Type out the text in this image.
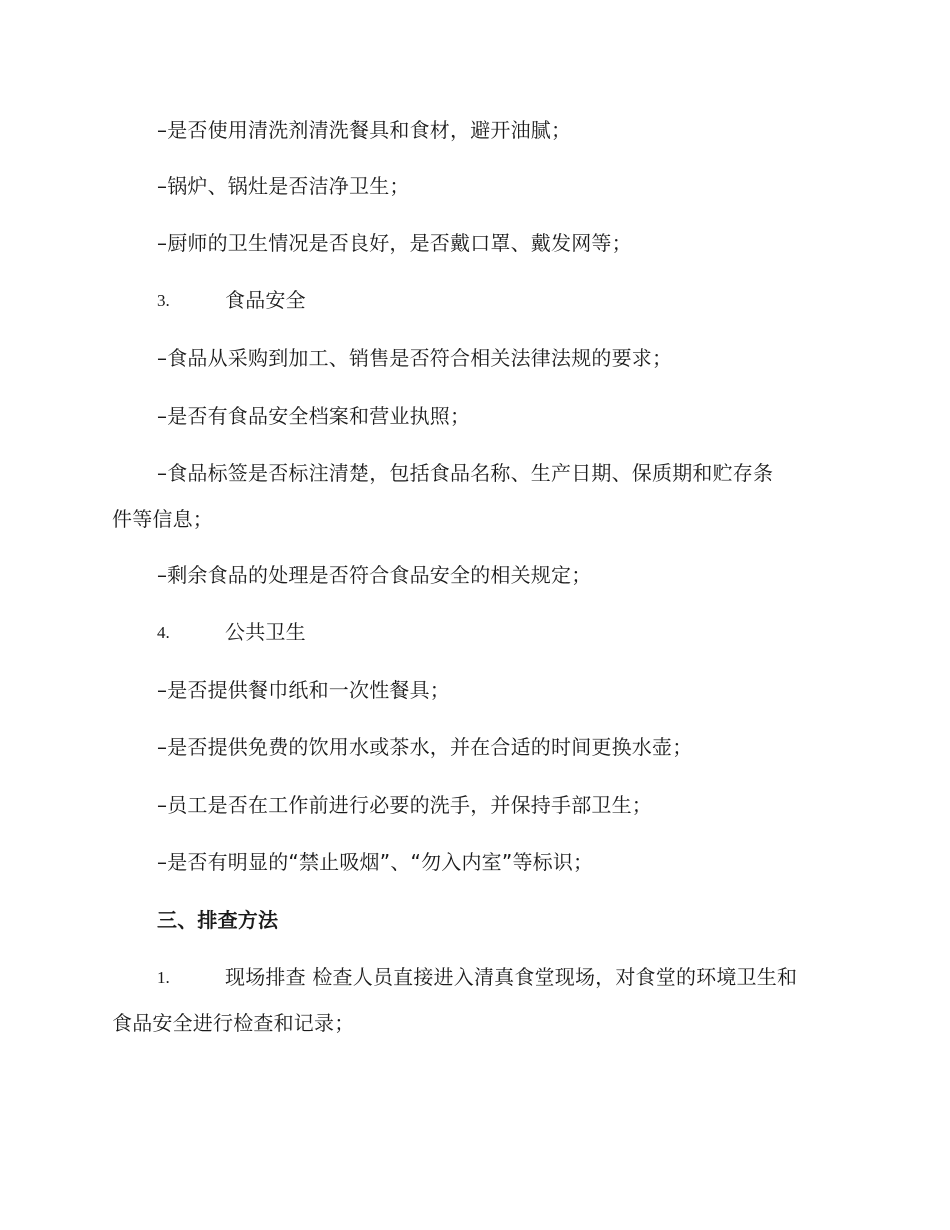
–是否使用清洗剂清洗餐具和食材，避开油腻；
–锅炉、锅灶是否洁净卫生；
–厨师的卫生情况是否良好，是否戴口罩、戴发网等；
3.	食品安全
–食品从采购到加工、销售是否符合相关法律法规的要求；
–是否有食品安全档案和营业执照；
–食品标签是否标注清楚，包括食品名称、生产日期、保质期和贮存条
件等信息；
–剩余食品的处理是否符合食品安全的相关规定；
4.	公共卫生
–是否提供餐巾纸和一次性餐具；
–是否提供免费的饮用水或茶水，并在合适的时间更换水壶；
–员工是否在工作前进行必要的洗手，并保持手部卫生；
–是否有明显的“禁止吸烟”、“勿入内室”等标识；
三、排查方法
1.	现场排查 检查人员直接进入清真食堂现场，对食堂的环境卫生和
食品安全进行检查和记录；
